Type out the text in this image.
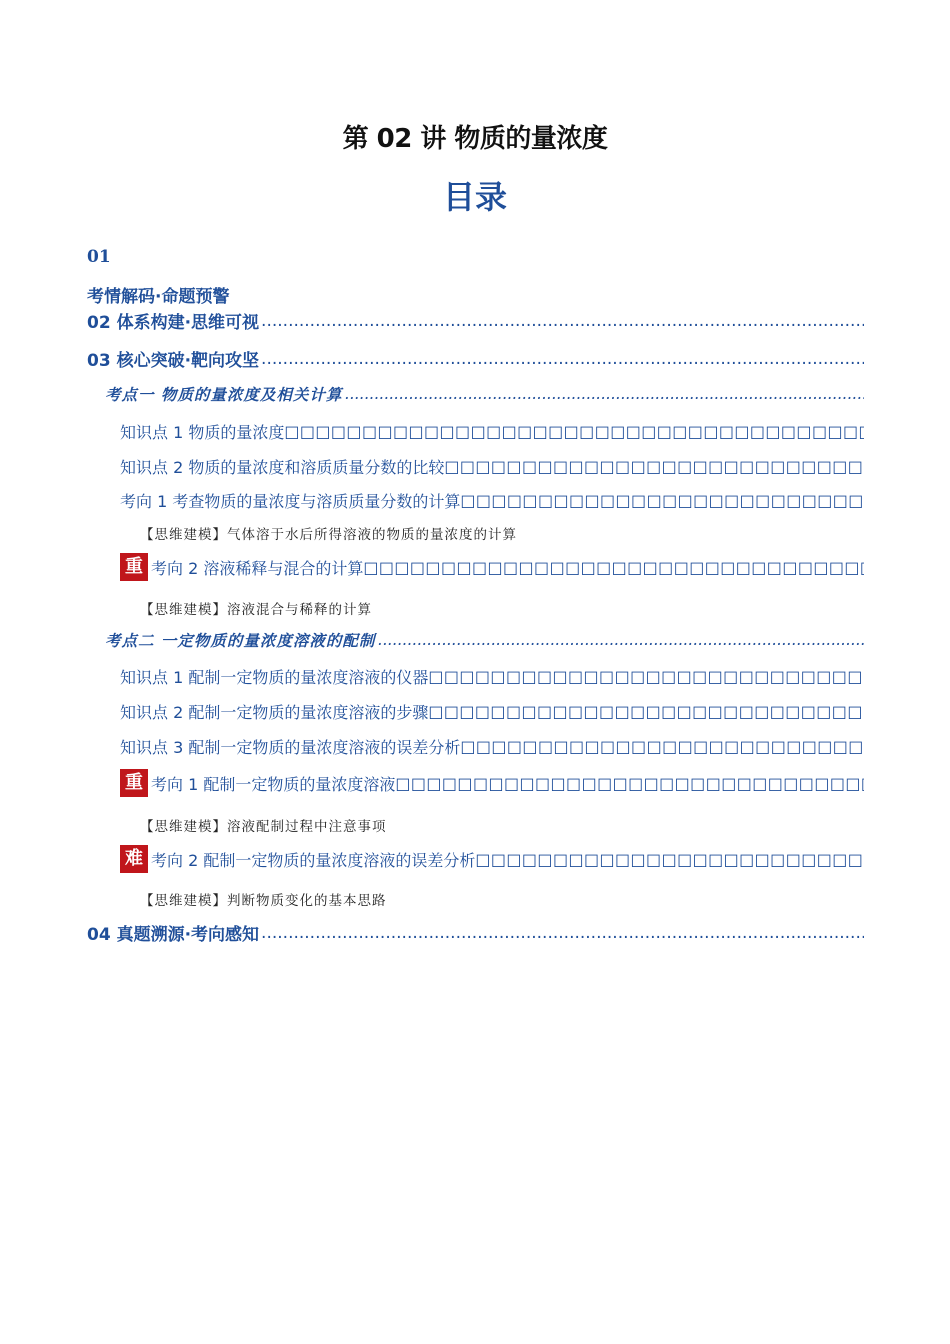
第 02 讲 物质的量浓度
目录
01
考情解码·命题预警
02 体系构建·思维可视
.....
03 核心突破·靶向攻坚
.....
考点一 物质的量浓度及相关计算
.....
知识点 1 物质的量浓度
□□□□□□□□□□□□□□□□□□□□□□□□□□□□□□□□□□□□□□□□□□□□□□□□□□□□□□□□□□□□□□□□□□□□□□□□□□□□□□
知识点 2 物质的量浓度和溶质质量分数的比较
□□□□□□□□□□□□□□□□□□□□□□□□□□□□□□□□□□□□□□□□□□□□□□□□□□□□□□□□□□□□□□□□□□□□□□□□□□□□□□
考向 1 考查物质的量浓度与溶质质量分数的计算
□□□□□□□□□□□□□□□□□□□□□□□□□□□□□□□□□□□□□□□□□□□□□□□□□□□□□□□□□□□□□□□□□□□□□□□□□□□□□□
【思维建模】气体溶于水后所得溶液的物质的量浓度的计算
重 考向 2 溶液稀释与混合的计算
□□□□□□□□□□□□□□□□□□□□□□□□□□□□□□□□□□□□□□□□□□□□□□□□□□□□□□□□□□□□□□□□□□□□□□□□□□□□□□
【思维建模】溶液混合与稀释的计算
考点二 一定物质的量浓度溶液的配制
.....
知识点 1 配制一定物质的量浓度溶液的仪器
□□□□□□□□□□□□□□□□□□□□□□□□□□□□□□□□□□□□□□□□□□□□□□□□□□□□□□□□□□□□□□□□□□□□□□□□□□□□□□
知识点 2 配制一定物质的量浓度溶液的步骤
□□□□□□□□□□□□□□□□□□□□□□□□□□□□□□□□□□□□□□□□□□□□□□□□□□□□□□□□□□□□□□□□□□□□□□□□□□□□□□
知识点 3 配制一定物质的量浓度溶液的误差分析
□□□□□□□□□□□□□□□□□□□□□□□□□□□□□□□□□□□□□□□□□□□□□□□□□□□□□□□□□□□□□□□□□□□□□□□□□□□□□□
重 考向 1 配制一定物质的量浓度溶液
□□□□□□□□□□□□□□□□□□□□□□□□□□□□□□□□□□□□□□□□□□□□□□□□□□□□□□□□□□□□□□□□□□□□□□□□□□□□□□
【思维建模】溶液配制过程中注意事项
难 考向 2 配制一定物质的量浓度溶液的误差分析
□□□□□□□□□□□□□□□□□□□□□□□□□□□□□□□□□□□□□□□□□□□□□□□□□□□□□□□□□□□□□□□□□□□□□□□□□□□□□□
【思维建模】判断物质变化的基本思路
04 真题溯源·考向感知
.....
